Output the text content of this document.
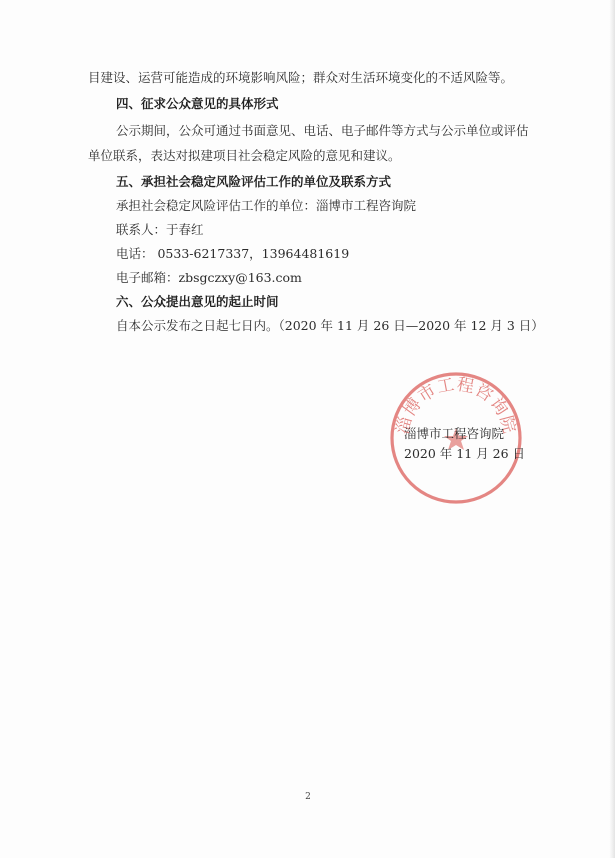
目建设、运营可能造成的环境影响风险；群众对生活环境变化的不适风险等。
四、征求公众意见的具体形式
公示期间，公众可通过书面意见、电话、电子邮件等方式与公示单位或评估
单位联系，表达对拟建项目社会稳定风险的意见和建议。
五、承担社会稳定风险评估工作的单位及联系方式
承担社会稳定风险评估工作的单位：淄博市工程咨询院
联系人：于春红
电话： 0533-6217337，13964481619
电子邮箱：zbsgczxy@163.com
六、公众提出意见的起止时间
自本公示发布之日起七日内。（2020 年 11 月 26 日—2020 年 12 月 3 日）
淄博市工程咨询院
淄博市工程咨询院
2020 年 11 月 26 日
2
